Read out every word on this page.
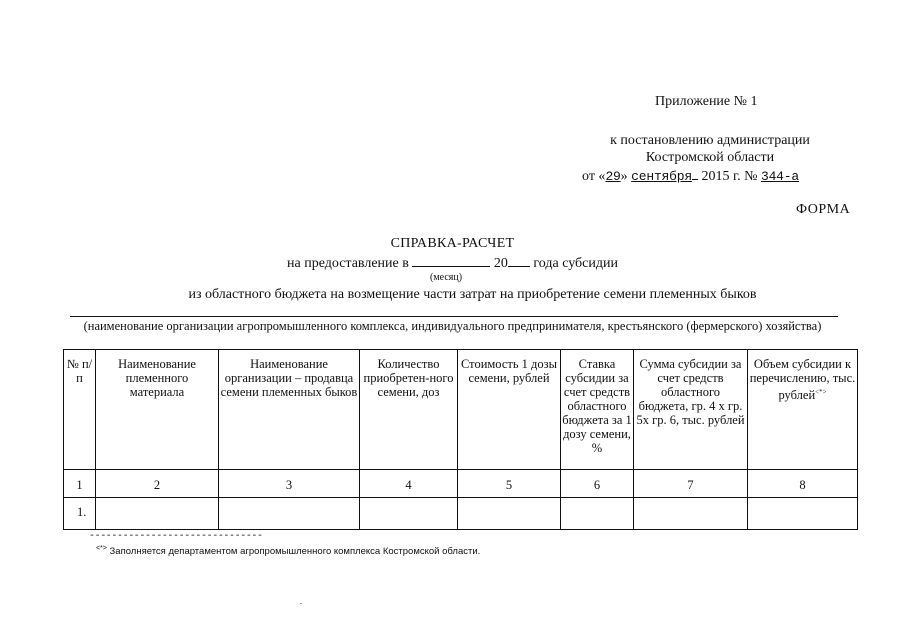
Приложение № 1
к постановлению администрации
Костромской области
от «29» сентября 2015 г. № 344-а
ФОРМА
СПРАВКА-РАСЧЕТ
на предоставление в	20 года субсидии
(месяц)
из областного бюджета на возмещение части затрат на приобретение семени племенных быков
(наименование организации агропромышленного комплекса, индивидуального предпринимателя, крестьянского (фермерского) хозяйства)
№ п/п	Наименование племенного материала	Наименование организации – продавца семени племенных быков	Количество приобретен-ного семени, доз	Стоимость 1 дозы семени, рублей	Ставка субсидии за счет средств областного бюджета за 1 дозу семени, %	Сумма субсидии за счет средств областного бюджета, гр. 4 х гр. 5х гр. 6, тыс. рублей	Объем субсидии к перечислению, тыс. рублей<*>
1	2	3	4	5	6	7	8
1.							
-------------------------------
<*> Заполняется департаментом агропромышленного комплекса Костромской области.
